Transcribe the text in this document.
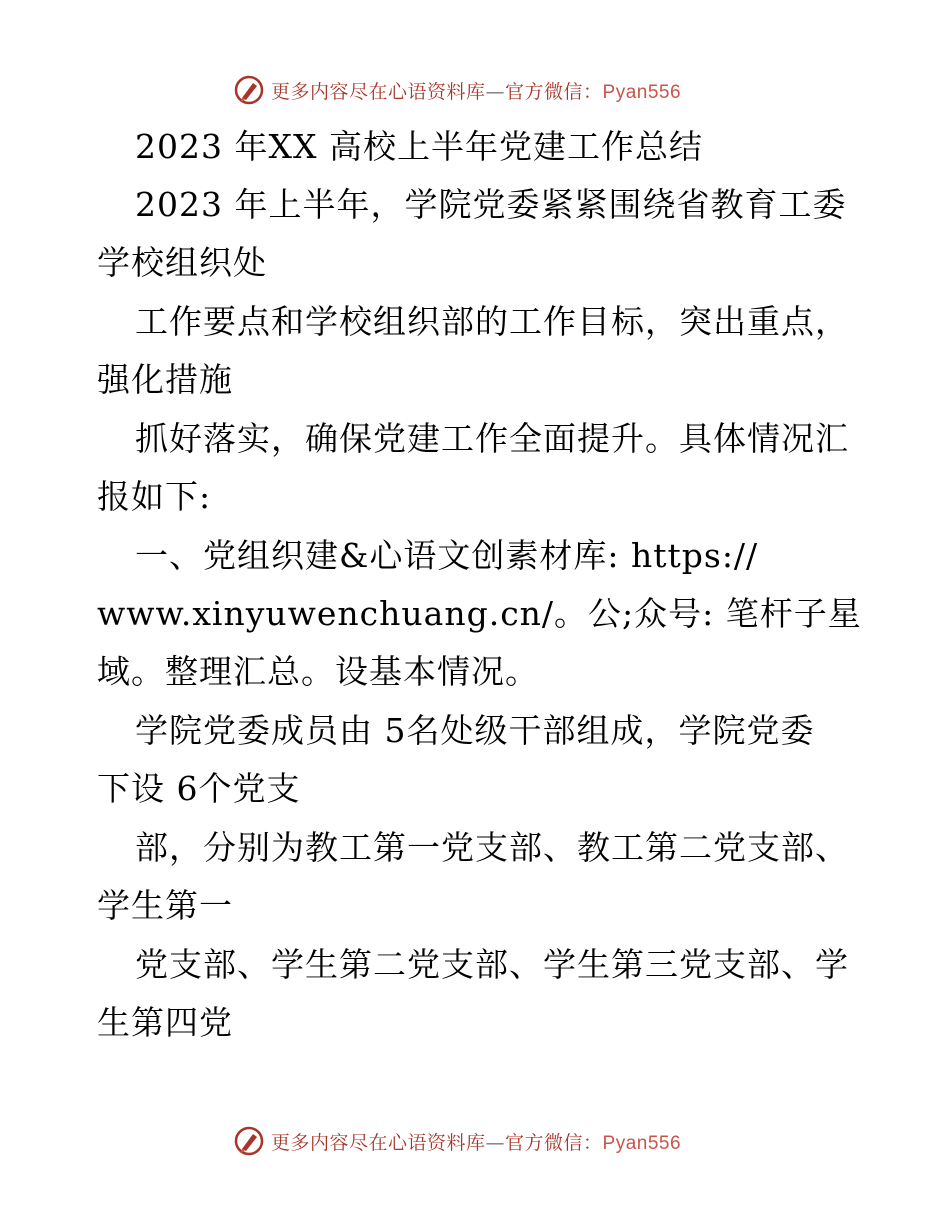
更多内容尽在心语资料库—官方微信：Pyan556
2023 年XX 高校上半年党建工作总结
2023 年上半年，学院党委紧紧围绕省教育工委
学校组织处
工作要点和学校组织部的工作目标，突出重点，
强化措施
抓好落实，确保党建工作全面提升。具体情况汇
报如下:
一、党组织建&心语文创素材库: https://
www.xinyuwenchuang.cn/。公;众号: 笔杆子星
域。整理汇总。设基本情况。
学院党委成员由 5名处级干部组成，学院党委
下设 6个党支
部，分别为教工第一党支部、教工第二党支部、
学生第一
党支部、学生第二党支部、学生第三党支部、学
生第四党
更多内容尽在心语资料库—官方微信：Pyan556
